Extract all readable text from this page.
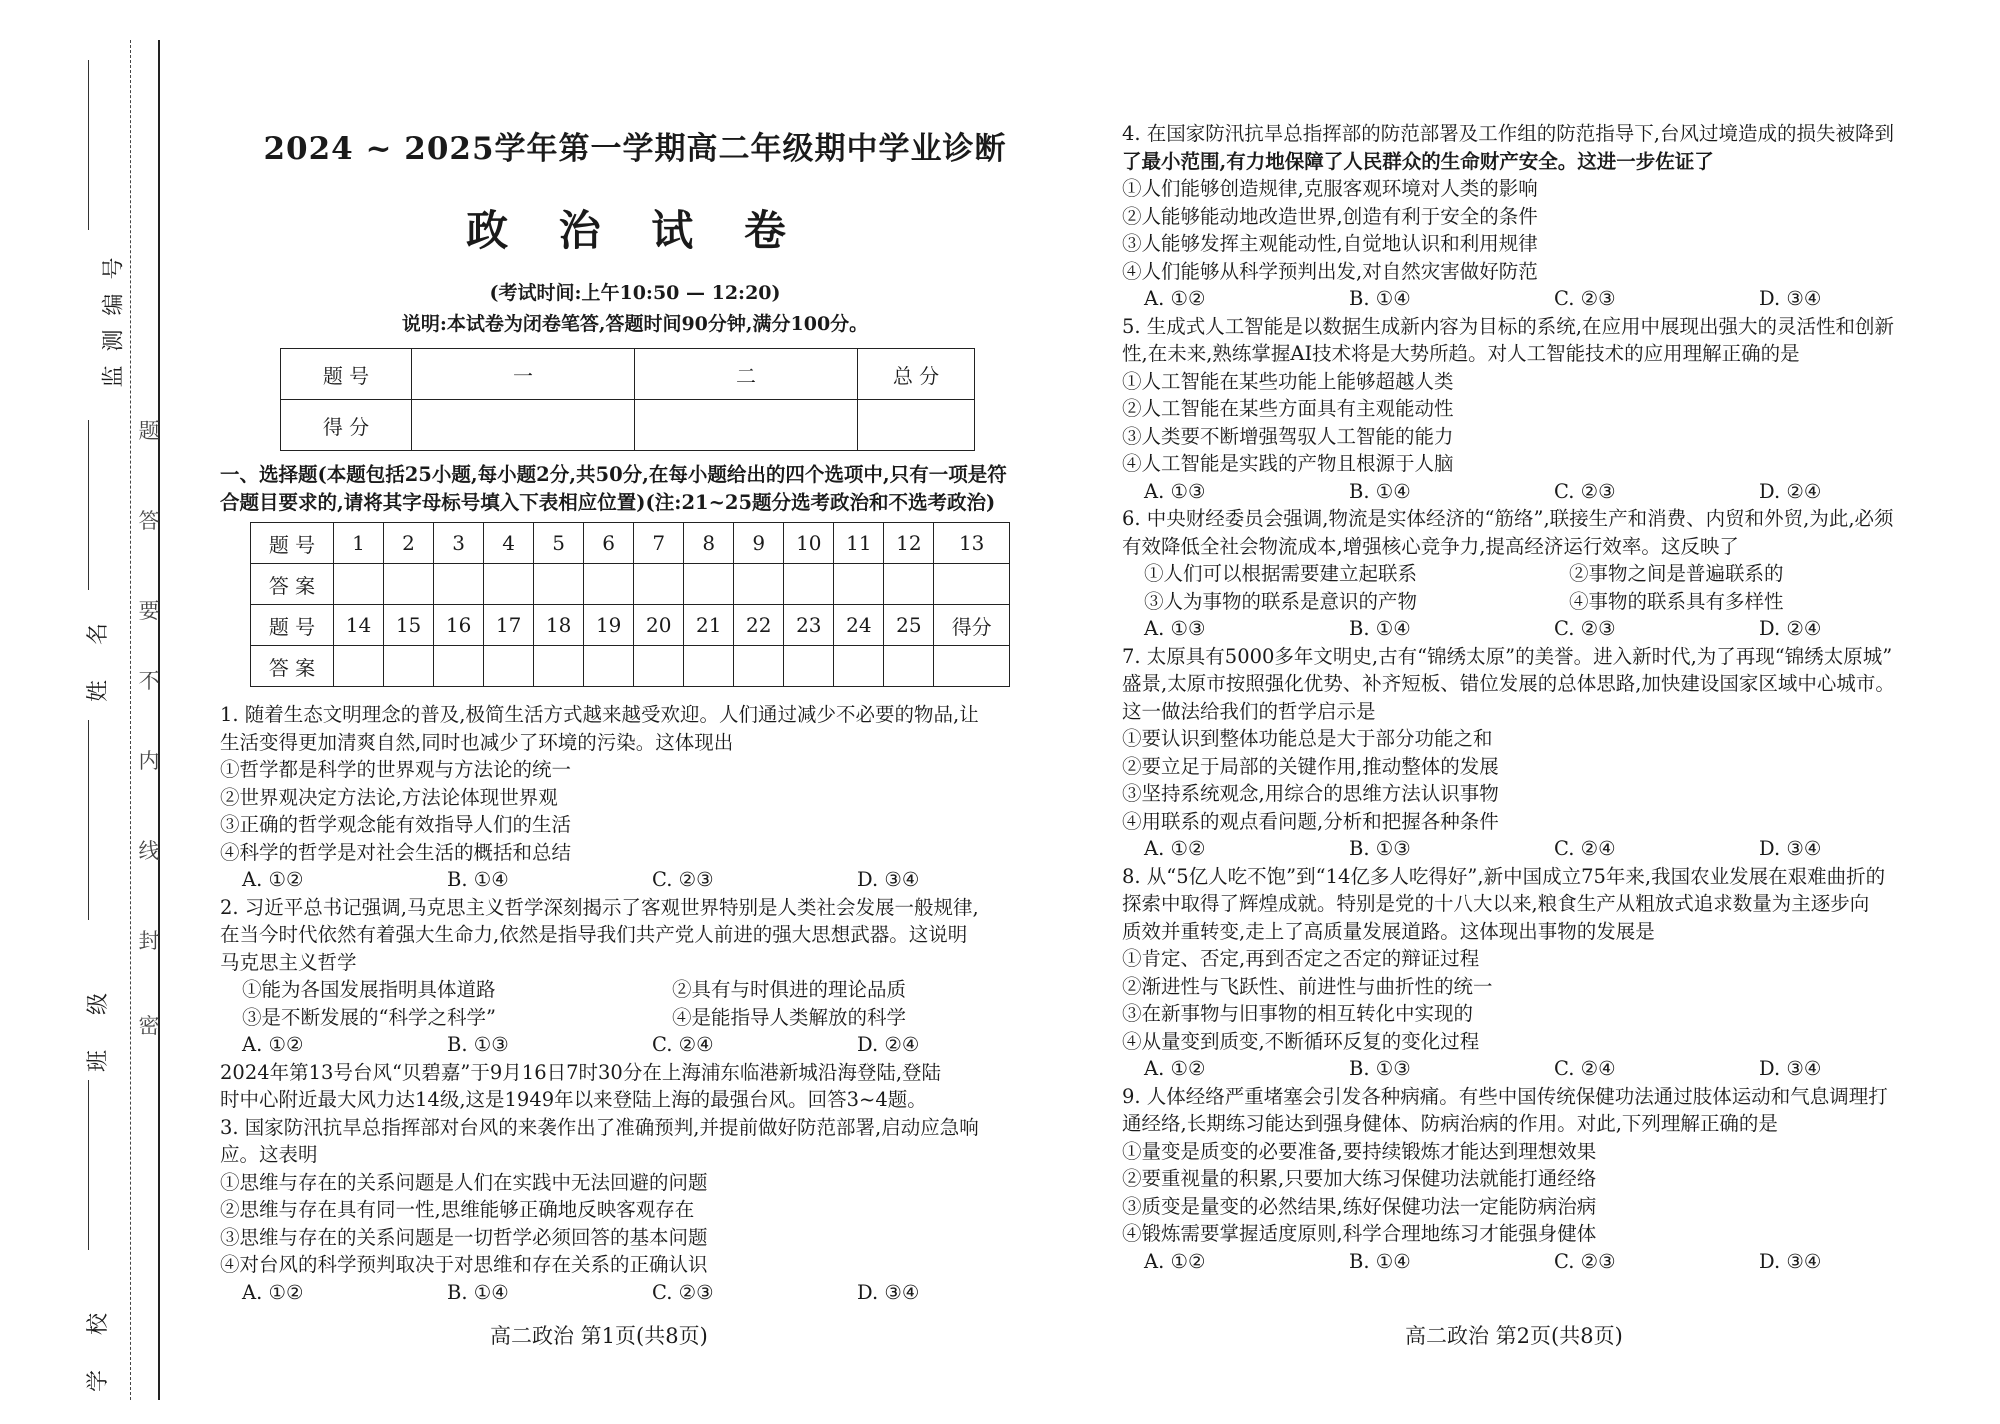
监测编号
姓 名
班 级
学 校
题
答
要
不
内
线
封
密
2024 ~ 2025学年第一学期高二年级期中学业诊断
政 治 试 卷
(考试时间:上午10:50 — 12:20)
说明:本试卷为闭卷笔答,答题时间90分钟,满分100分。
题 号	一	二	总 分
得 分			
一、选择题(本题包括25小题,每小题2分,共50分,在每小题给出的四个选项中,只有一项是符
合题目要求的,请将其字母标号填入下表相应位置)(注:21~25题分选考政治和不选考政治)
题 号	1	2	3	4	5	6	7	8	9	10	11	12	13
答 案													
题 号	14	15	16	17	18	19	20	21	22	23	24	25	得分
答 案													
1. 随着生态文明理念的普及,极简生活方式越来越受欢迎。人们通过减少不必要的物品,让
生活变得更加清爽自然,同时也减少了环境的污染。这体现出
①哲学都是科学的世界观与方法论的统一
②世界观决定方法论,方法论体现世界观
③正确的哲学观念能有效指导人们的生活
④科学的哲学是对社会生活的概括和总结
A. ①②	B. ①④	C. ②③	D. ③④
2. 习近平总书记强调,马克思主义哲学深刻揭示了客观世界特别是人类社会发展一般规律,
在当今时代依然有着强大生命力,依然是指导我们共产党人前进的强大思想武器。这说明
马克思主义哲学
①能为各国发展指明具体道路	②具有与时俱进的理论品质
③是不断发展的“科学之科学”	④是能指导人类解放的科学
A. ①②	B. ①③	C. ②④	D. ②④
2024年第13号台风“贝碧嘉”于9月16日7时30分在上海浦东临港新城沿海登陆,登陆
时中心附近最大风力达14级,这是1949年以来登陆上海的最强台风。回答3~4题。
3. 国家防汛抗旱总指挥部对台风的来袭作出了准确预判,并提前做好防范部署,启动应急响
应。这表明
①思维与存在的关系问题是人们在实践中无法回避的问题
②思维与存在具有同一性,思维能够正确地反映客观存在
③思维与存在的关系问题是一切哲学必须回答的基本问题
④对台风的科学预判取决于对思维和存在关系的正确认识
A. ①②	B. ①④	C. ②③	D. ③④
高二政治 第1页(共8页)
4. 在国家防汛抗旱总指挥部的防范部署及工作组的防范指导下,台风过境造成的损失被降到
了最小范围,有力地保障了人民群众的生命财产安全。这进一步佐证了
①人们能够创造规律,克服客观环境对人类的影响
②人能够能动地改造世界,创造有利于安全的条件
③人能够发挥主观能动性,自觉地认识和利用规律
④人们能够从科学预判出发,对自然灾害做好防范
A. ①②	B. ①④	C. ②③	D. ③④
5. 生成式人工智能是以数据生成新内容为目标的系统,在应用中展现出强大的灵活性和创新
性,在未来,熟练掌握AI技术将是大势所趋。对人工智能技术的应用理解正确的是
①人工智能在某些功能上能够超越人类
②人工智能在某些方面具有主观能动性
③人类要不断增强驾驭人工智能的能力
④人工智能是实践的产物且根源于人脑
A. ①③	B. ①④	C. ②③	D. ②④
6. 中央财经委员会强调,物流是实体经济的“筋络”,联接生产和消费、内贸和外贸,为此,必须
有效降低全社会物流成本,增强核心竞争力,提高经济运行效率。这反映了
①人们可以根据需要建立起联系	②事物之间是普遍联系的
③人为事物的联系是意识的产物	④事物的联系具有多样性
A. ①③	B. ①④	C. ②③	D. ②④
7. 太原具有5000多年文明史,古有“锦绣太原”的美誉。进入新时代,为了再现“锦绣太原城”
盛景,太原市按照强化优势、补齐短板、错位发展的总体思路,加快建设国家区域中心城市。
这一做法给我们的哲学启示是
①要认识到整体功能总是大于部分功能之和
②要立足于局部的关键作用,推动整体的发展
③坚持系统观念,用综合的思维方法认识事物
④用联系的观点看问题,分析和把握各种条件
A. ①②	B. ①③	C. ②④	D. ③④
8. 从“5亿人吃不饱”到“14亿多人吃得好”,新中国成立75年来,我国农业发展在艰难曲折的
探索中取得了辉煌成就。特别是党的十八大以来,粮食生产从粗放式追求数量为主逐步向
质效并重转变,走上了高质量发展道路。这体现出事物的发展是
①肯定、否定,再到否定之否定的辩证过程
②渐进性与飞跃性、前进性与曲折性的统一
③在新事物与旧事物的相互转化中实现的
④从量变到质变,不断循环反复的变化过程
A. ①②	B. ①③	C. ②④	D. ③④
9. 人体经络严重堵塞会引发各种病痛。有些中国传统保健功法通过肢体运动和气息调理打
通经络,长期练习能达到强身健体、防病治病的作用。对此,下列理解正确的是
①量变是质变的必要准备,要持续锻炼才能达到理想效果
②要重视量的积累,只要加大练习保健功法就能打通经络
③质变是量变的必然结果,练好保健功法一定能防病治病
④锻炼需要掌握适度原则,科学合理地练习才能强身健体
A. ①②	B. ①④	C. ②③	D. ③④
高二政治 第2页(共8页)
